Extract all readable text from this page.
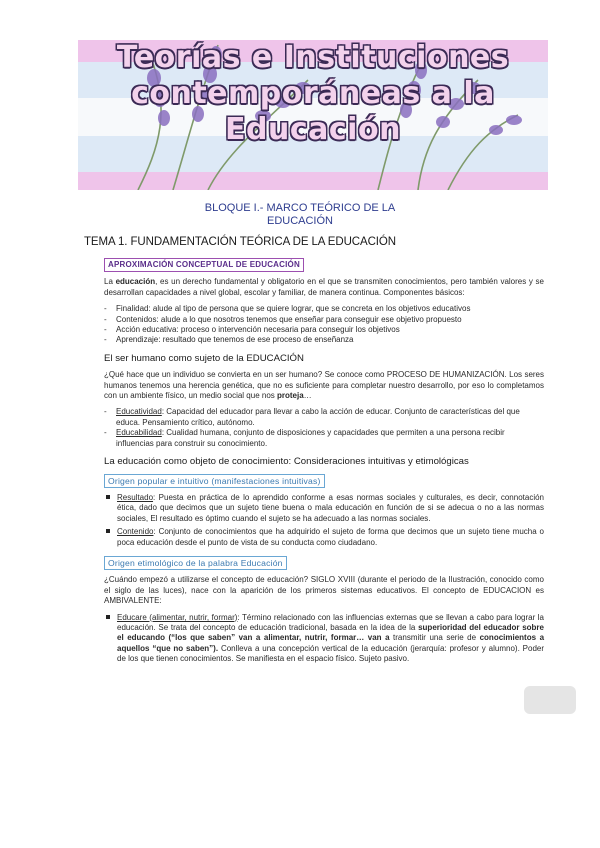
Teorías e Instituciones
contemporáneas a la
Educación
BLOQUE I.- MARCO TEÓRICO DE LA
EDUCACIÓN
TEMA 1. FUNDAMENTACIÓN TEÓRICA DE LA EDUCACIÓN
APROXIMACIÓN CONCEPTUAL DE EDUCACIÓN

La educación, es un derecho fundamental y obligatorio en el que se transmiten conocimientos, pero también valores y se desarrollan capacidades a nivel global, escolar y familiar, de manera continua. Componentes básicos:

- Finalidad: alude al tipo de persona que se quiere lograr, que se concreta en los objetivos educativos
- Contenidos: alude a lo que nosotros tenemos que enseñar para conseguir ese objetivo propuesto
- Acción educativa: proceso o intervención necesaria para conseguir los objetivos
- Aprendizaje: resultado que tenemos de ese proceso de enseñanza
El ser humano como sujeto de la EDUCACIÓN

¿Qué hace que un individuo se convierta en un ser humano? Se conoce como PROCESO DE HUMANIZACIÓN. Los seres humanos tenemos una herencia genética, que no es suficiente para completar nuestro desarrollo, por eso lo completamos con un ambiente físico, un medio social que nos proteja…

- Educatividad: Capacidad del educador para llevar a cabo la acción de educar. Conjunto de características del que educa. Pensamiento crítico, autónomo.
- Educabilidad: Cualidad humana, conjunto de disposiciones y capacidades que permiten a una persona recibir influencias para construir su conocimiento.
La educación como objeto de conocimiento: Consideraciones intuitivas y etimológicas
Origen popular e intuitivo (manifestaciones intuitivas)
Resultado: Puesta en práctica de lo aprendido conforme a esas normas sociales y culturales, es decir, connotación ética, dado que decimos que un sujeto tiene buena o mala educación en función de si se adecua o no a las normas sociales, El resultado es óptimo cuando el sujeto se ha adecuado a las normas sociales.
Contenido: Conjunto de conocimientos que ha adquirido el sujeto de forma que decimos que un sujeto tiene mucha o poca educación desde el punto de vista de su conducta como ciudadano.
Origen etimológico de la palabra Educación

¿Cuándo empezó a utilizarse el concepto de educación? SIGLO XVIII (durante el periodo de la Ilustración, conocido como el siglo de las luces), nace con la aparición de los primeros sistemas educativos. El concepto de EDUCACION es AMBIVALENTE:

Educare (alimentar, nutrir, formar): Término relacionado con las influencias externas que se llevan a cabo para lograr la educación. Se trata del concepto de educación tradicional, basada en la idea de la superioridad del educador sobre el educando (“los que saben” van a alimentar, nutrir, formar… van a transmitir una serie de conocimientos a aquellos “que no saben”). Conlleva a una concepción vertical de la educación (jerarquía: profesor y alumno). Poder de los que tienen conocimientos. Se manifiesta en el espacio físico. Sujeto pasivo.
